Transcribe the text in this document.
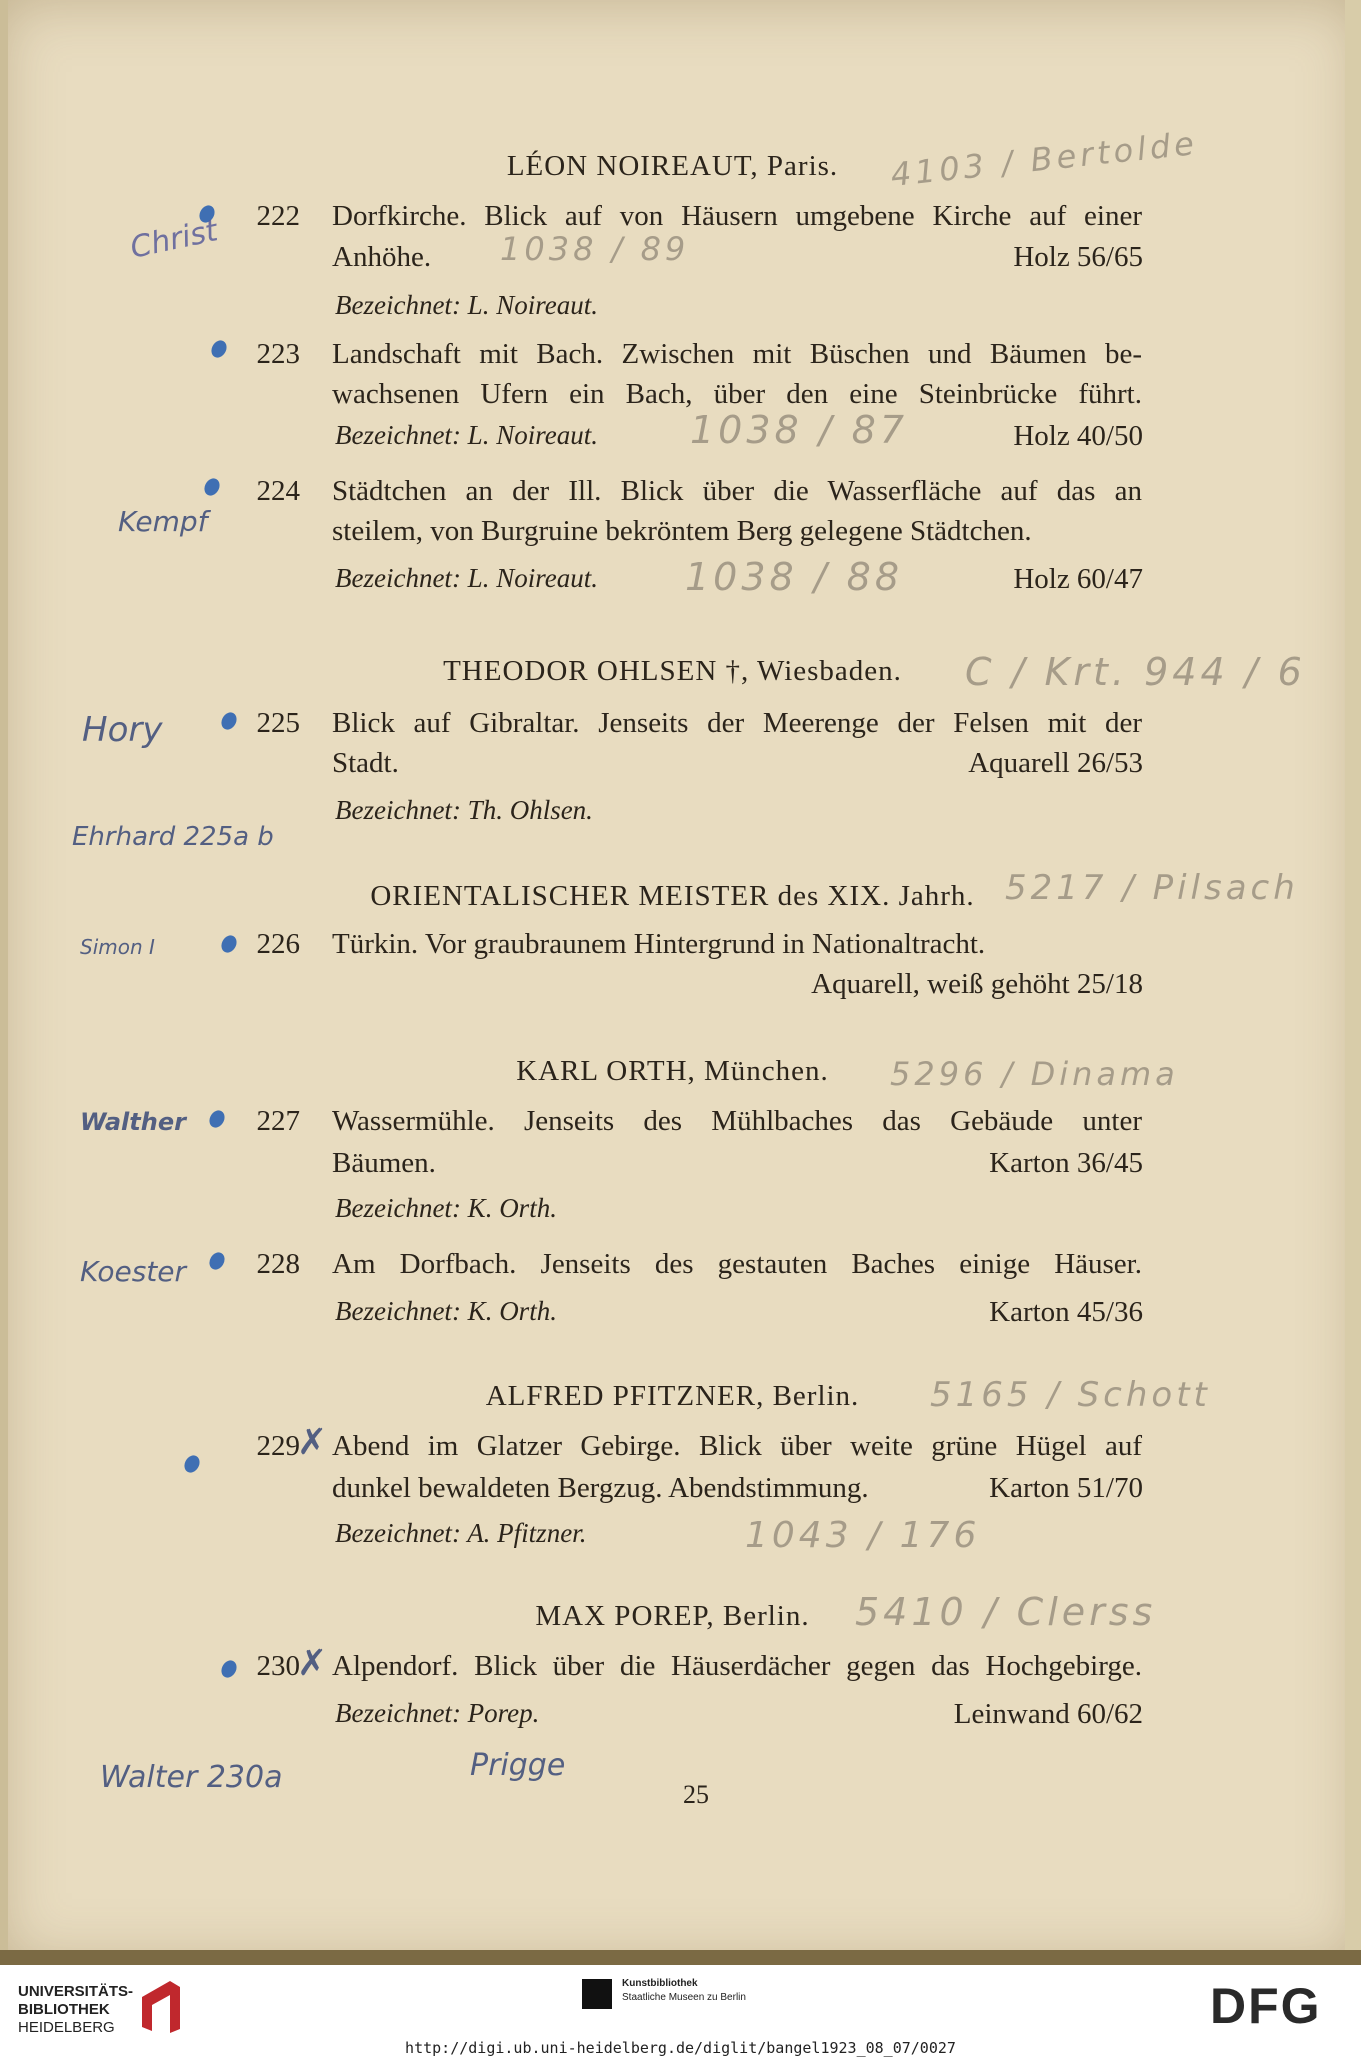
LÉON NOIREAUT, Paris.
222 Dorfkirche. Blick auf von Häusern umgebene Kirche auf einer
Anhöhe.	Holz 56/65
Bezeichnet: L. Noireaut.
223 Landschaft mit Bach. Zwischen mit Büschen und Bäumen be-
wachsenen Ufern ein Bach, über den eine Steinbrücke führt.
Bezeichnet: L. Noireaut.	Holz 40/50
224 Städtchen an der Ill. Blick über die Wasserfläche auf das an
steilem, von Burgruine bekröntem Berg gelegene Städtchen.
Bezeichnet: L. Noireaut.	Holz 60/47
THEODOR OHLSEN †, Wiesbaden.
225 Blick auf Gibraltar. Jenseits der Meerenge der Felsen mit der
Stadt.	Aquarell 26/53
Bezeichnet: Th. Ohlsen.
ORIENTALISCHER MEISTER des XIX. Jahrh.
226 Türkin. Vor graubraunem Hintergrund in Nationaltracht.
Aquarell, weiß gehöht 25/18
KARL ORTH, München.
227 Wassermühle. Jenseits des Mühlbaches das Gebäude unter
Bäumen.	Karton 36/45
Bezeichnet: K. Orth.
228 Am Dorfbach. Jenseits des gestauten Baches einige Häuser.
Bezeichnet: K. Orth.	Karton 45/36
ALFRED PFITZNER, Berlin.
229 Abend im Glatzer Gebirge. Blick über weite grüne Hügel auf
dunkel bewaldeten Bergzug. Abendstimmung.	Karton 51/70
Bezeichnet: A. Pfitzner.
MAX POREP, Berlin.
230 Alpendorf. Blick über die Häuserdächer gegen das Hochgebirge.
Bezeichnet: Porep.	Leinwand 60/62
25
Christ
Kempf
Hory
Ehrhard 225a b
Simon I
Walther
Koester
Walter 230a	Prigge
✗
✗
4103 / Bertolde
1038 / 89
1038 / 87
1038 / 88
C / Krt. 944 / 6
5217 / Pilsach
5296 / Dinama
5165 / Schott
1043 / 176
5410 / Clerss
UNIVERSITÄTS-
BIBLIOTHEK
HEIDELBERG
Kunstbibliothek
Staatliche Museen zu Berlin	DFG
http://digi.ub.uni-heidelberg.de/diglit/bangel1923_08_07/0027
